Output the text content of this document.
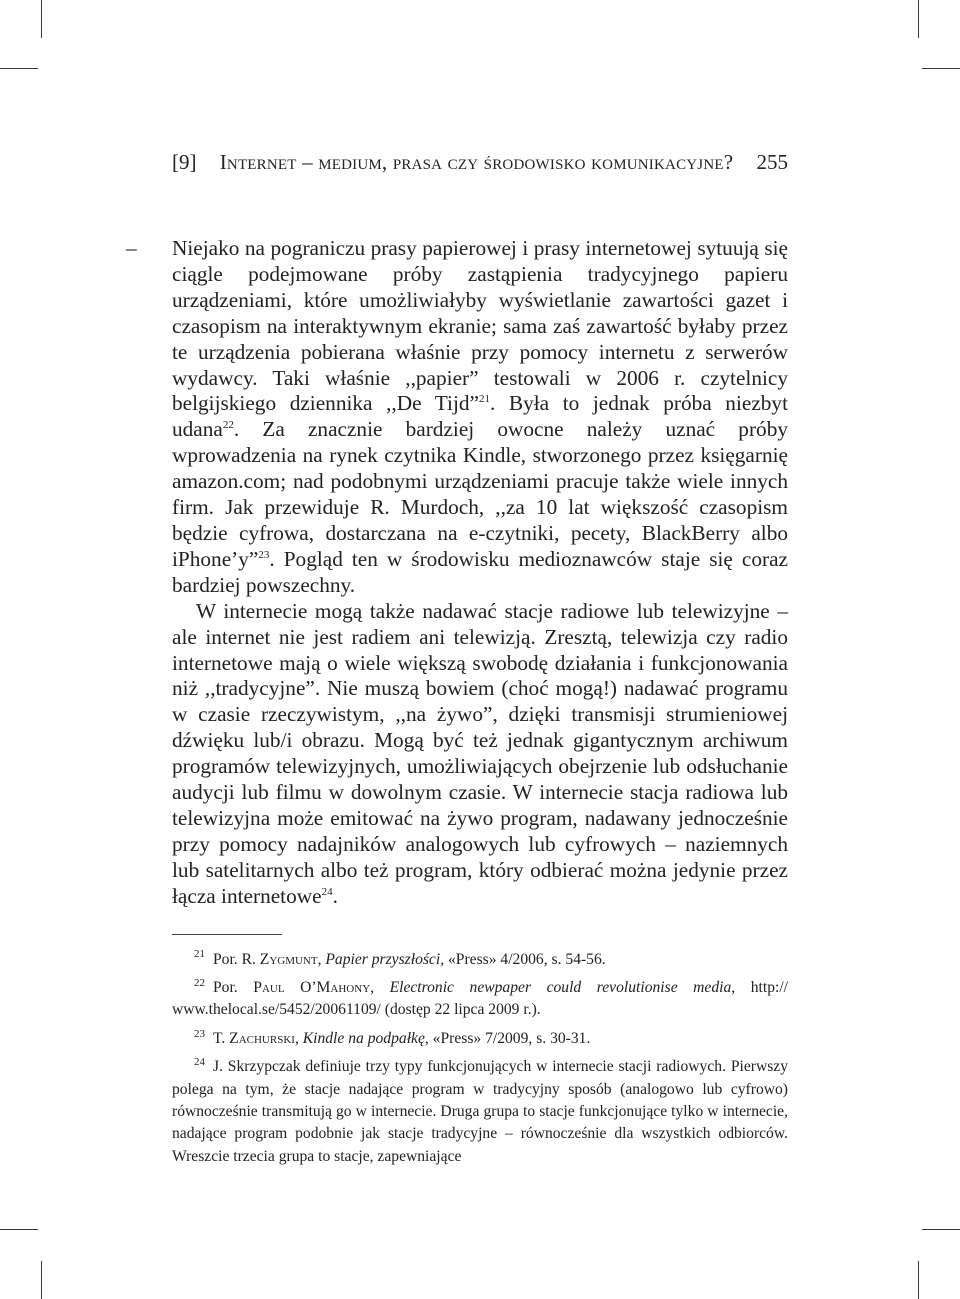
[9] Internet – medium, prasa czy środowisko komunikacyjne? 255

– Niejako na pograniczu prasy papierowej i prasy internetowej sytuują się ciągle podejmowane próby zastąpienia tradycyjnego papieru urządzeniami, które umożliwiałyby wyświetlanie zawartości gazet i czasopism na interaktywnym ekranie; sama zaś zawartość byłaby przez te urządzenia pobierana właśnie przy pomocy internetu z serwerów wydawcy. Taki właśnie ,,papier” testowali w 2006 r. czytelnicy belgijskiego dziennika ,,De Tijd”$^{21}$. Była to jednak próba niezbyt udana$^{22}$. Za znacznie bardziej owocne należy uznać próby wprowadzenia na rynek czytnika Kindle, stworzonego przez księgarnię amazon.com; nad podobnymi urządzeniami pracuje także wiele innych firm. Jak przewiduje R. Murdoch, ,,za 10 lat większość czasopism będzie cyfrowa, dostarczana na e-czytniki, pecety, BlackBerry albo iPhone’y”$^{23}$. Pogląd ten w środowisku medioznawców staje się coraz bardziej powszechny.

W internecie mogą także nadawać stacje radiowe lub telewizyjne – ale internet nie jest radiem ani telewizją. Zresztą, telewizja czy radio internetowe mają o wiele większą swobodę działania i funkcjonowania niż ,,tradycyjne”. Nie muszą bowiem (choć mogą!) nadawać programu w czasie rzeczywistym, ,,na żywo”, dzięki transmisji strumieniowej dźwięku lub/i obrazu. Mogą być też jednak gigantycznym archiwum programów telewizyjnych, umożliwiających obejrzenie lub odsłuchanie audycji lub filmu w dowolnym czasie. W internecie stacja radiowa lub telewizyjna może emitować na żywo program, nadawany jednocześnie przy pomocy nadajników analogowych lub cyfrowych – naziemnych lub satelitarnych albo też program, który odbierać można jedynie przez łącza internetowe$^{24}$.

$^{21}$ Por. R. Zygmunt, Papier przyszłości, «Press» 4/2006, s. 54-56.

$^{22}$ Por. Paul O’Mahony, Electronic newpaper could revolutionise media, http:// www.thelocal.se/5452/20061109/ (dostęp 22 lipca 2009 r.).

$^{23}$ T. Zachurski, Kindle na podpałkę, «Press» 7/2009, s. 30-31.

$^{24}$ J. Skrzypczak definiuje trzy typy funkcjonujących w internecie stacji radiowych. Pierwszy polega na tym, że stacje nadające program w tradycyjny sposób (analogowo lub cyfrowo) równocześnie transmitują go w internecie. Druga grupa to stacje funkcjonujące tylko w internecie, nadające program podobnie jak stacje tradycyjne – równocześnie dla wszystkich odbiorców. Wreszcie trzecia grupa to stacje, zapewniające
